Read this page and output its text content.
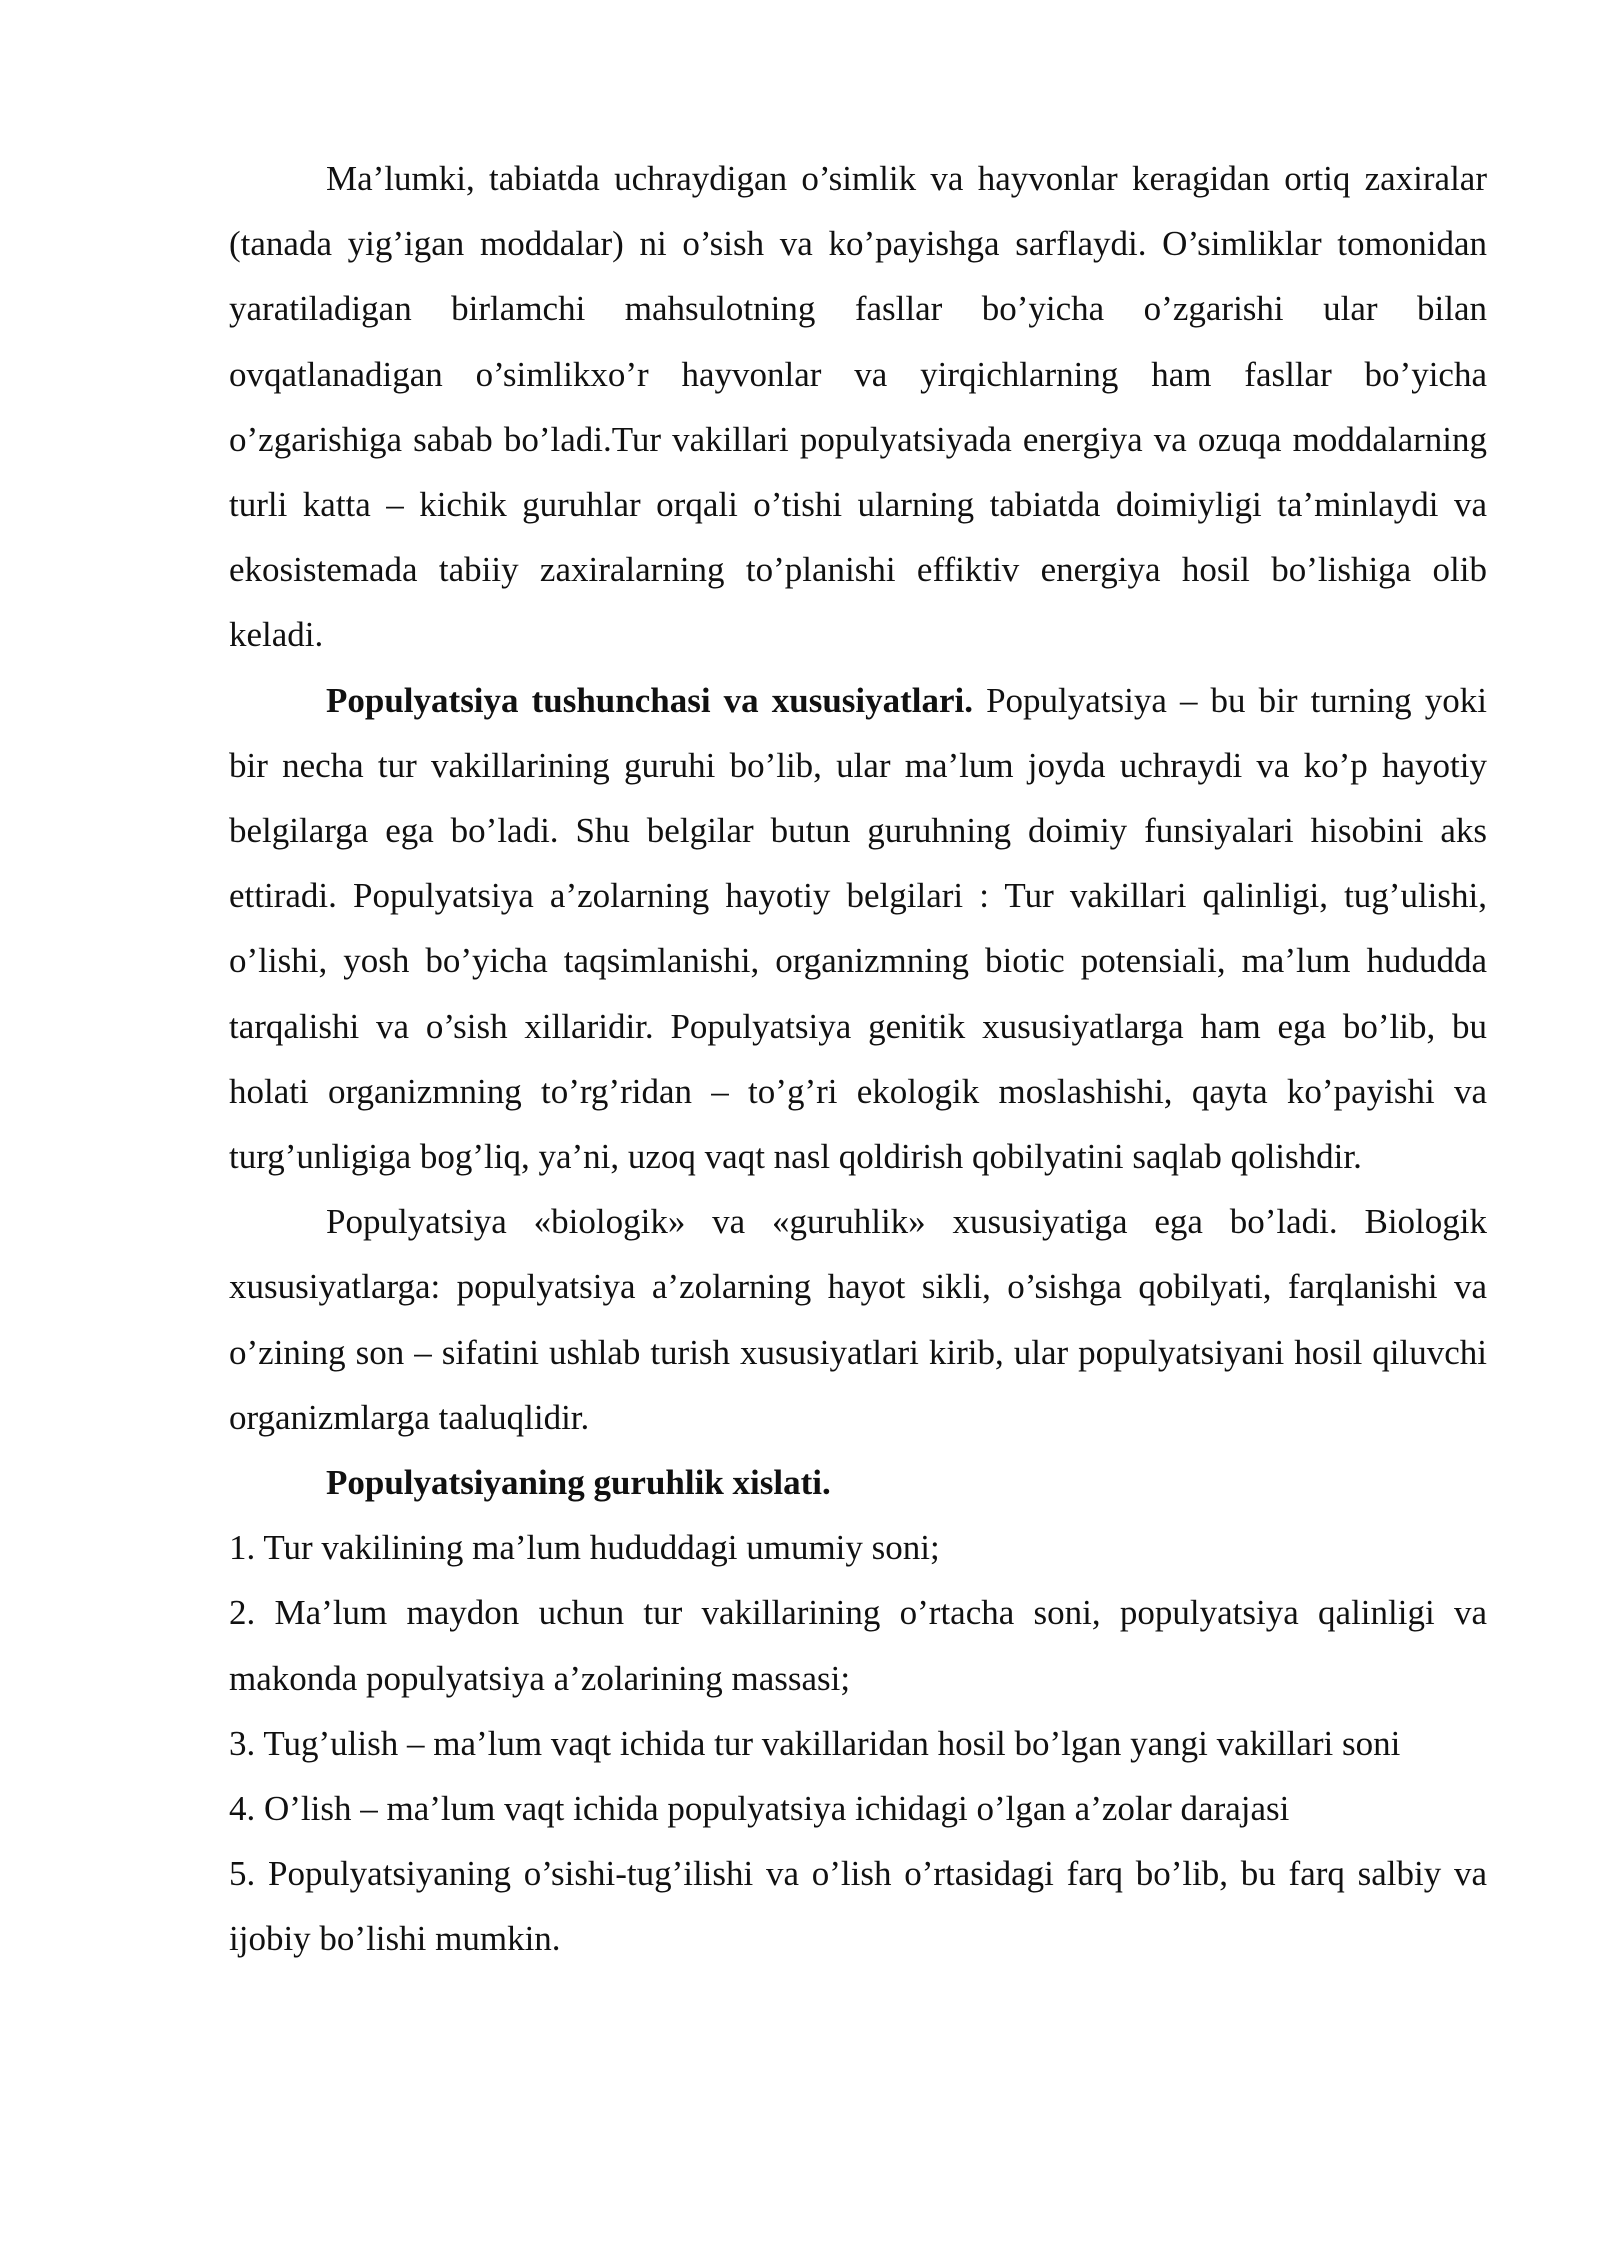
Ma’lumki, tabiatda uchraydigan o’simlik va hayvonlar keragidan ortiq zaxiralar (tanada yig’igan moddalar) ni o’sish va ko’payishga sarflaydi. O’simliklar tomonidan yaratiladigan birlamchi mahsulotning fasllar bo’yicha o’zgarishi ular bilan ovqatlanadigan o’simlikxo’r hayvonlar va yirqichlarning ham fasllar bo’yicha o’zgarishiga sabab bo’ladi.Tur vakillari populyatsiyada energiya va ozuqa moddalarning turli katta – kichik guruhlar orqali o’tishi ularning tabiatda doimiyligi ta’minlaydi va ekosistemada tabiiy zaxiralarning to’planishi effiktiv energiya hosil bo’lishiga olib keladi.

Populyatsiya tushunchasi va xususiyatlari. Populyatsiya – bu bir turning yoki bir necha tur vakillarining guruhi bo’lib, ular ma’lum joyda uchraydi va ko’p hayotiy belgilarga ega bo’ladi. Shu belgilar butun guruhning doimiy funsiyalari hisobini aks ettiradi. Populyatsiya a’zolarning hayotiy belgilari : Tur vakillari qalinligi, tug’ulishi, o’lishi, yosh bo’yicha taqsimlanishi, organizmning biotic potensiali, ma’lum hududda tarqalishi va o’sish xillaridir. Populyatsiya genitik xususiyatlarga ham ega bo’lib, bu holati organizmning to’rg’ridan – to’g’ri ekologik moslashishi, qayta ko’payishi va turg’unligiga bog’liq, ya’ni, uzoq vaqt nasl qoldirish qobilyatini saqlab qolishdir.

Populyatsiya «biologik» va «guruhlik» xususiyatiga ega bo’ladi. Biologik xususiyatlarga: populyatsiya a’zolarning hayot sikli, o’sishga qobilyati, farqlanishi va o’zining son – sifatini ushlab turish xususiyatlari kirib, ular populyatsiyani hosil qiluvchi organizmlarga taaluqlidir.

Populyatsiyaning guruhlik xislati.

1. Tur vakilining ma’lum hududdagi umumiy soni;

2. Ma’lum maydon uchun tur vakillarining o’rtacha soni, populyatsiya qalinligi va makonda populyatsiya a’zolarining massasi;

3. Tug’ulish – ma’lum vaqt ichida tur vakillaridan hosil bo’lgan yangi vakillari soni

4. O’lish – ma’lum vaqt ichida populyatsiya ichidagi o’lgan a’zolar darajasi

5. Populyatsiyaning o’sishi-tug’ilishi va o’lish o’rtasidagi farq bo’lib, bu farq salbiy va ijobiy bo’lishi mumkin.
